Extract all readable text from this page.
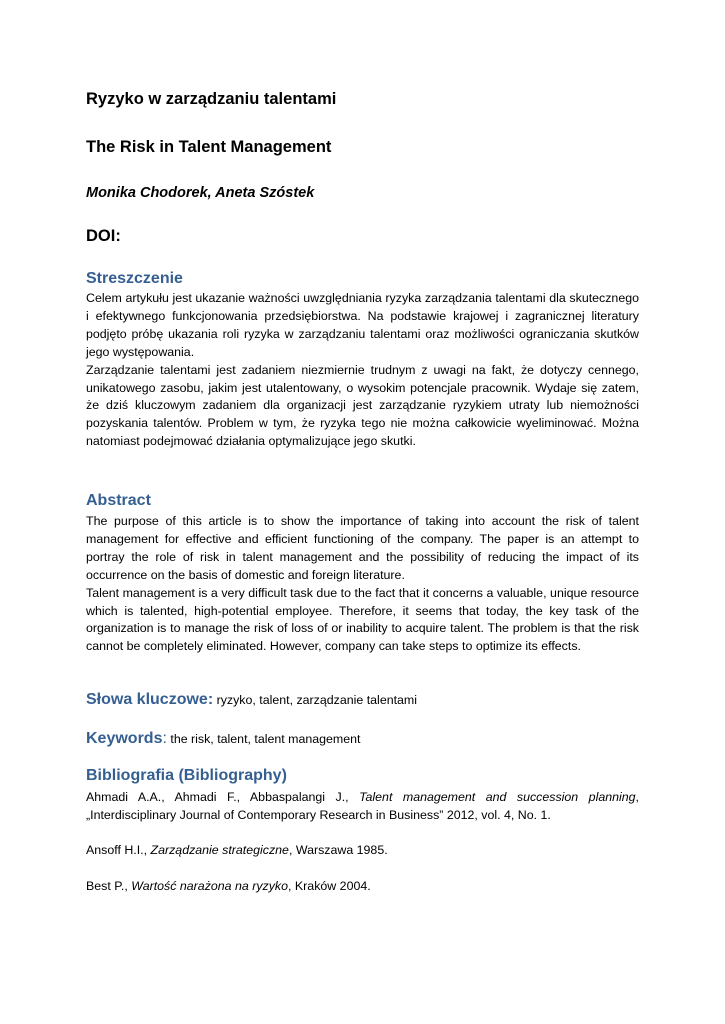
Ryzyko w zarządzaniu talentami
The Risk in Talent Management
Monika Chodorek, Aneta Szóstek
DOI:
Streszczenie

Celem artykułu jest ukazanie ważności uwzględniania ryzyka zarządzania talentami dla skutecznego i efektywnego funkcjonowania przedsiębiorstwa. Na podstawie krajowej i zagranicznej literatury podjęto próbę ukazania roli ryzyka w zarządzaniu talentami oraz możliwości ograniczania skutków jego występowania.

Zarządzanie talentami jest zadaniem niezmiernie trudnym z uwagi na fakt, że dotyczy cennego, unikatowego zasobu, jakim jest utalentowany, o wysokim potencjale pracownik. Wydaje się zatem, że dziś kluczowym zadaniem dla organizacji jest zarządzanie ryzykiem utraty lub niemożności pozyskania talentów. Problem w tym, że ryzyka tego nie można całkowicie wyeliminować. Można natomiast podejmować działania optymalizujące jego skutki.

Abstract

The purpose of this article is to show the importance of taking into account the risk of talent management for effective and efficient functioning of the company. The paper is an attempt to portray the role of risk in talent management and the possibility of reducing the impact of its occurrence on the basis of domestic and foreign literature.

Talent management is a very difficult task due to the fact that it concerns a valuable, unique resource which is talented, high-potential employee. Therefore, it seems that today, the key task of the organization is to manage the risk of loss of or inability to acquire talent. The problem is that the risk cannot be completely eliminated. However, company can take steps to optimize its effects.

Słowa kluczowe: ryzyko, talent, zarządzanie talentami
Keywords: the risk, talent, talent management
Bibliografia (Bibliography)
Ahmadi A.A., Ahmadi F., Abbaspalangi J., Talent management and succession planning, „Interdisciplinary Journal of Contemporary Research in Business” 2012, vol. 4, No. 1.
Ansoff H.I., Zarządzanie strategiczne, Warszawa 1985.
Best P., Wartość narażona na ryzyko, Kraków 2004.
